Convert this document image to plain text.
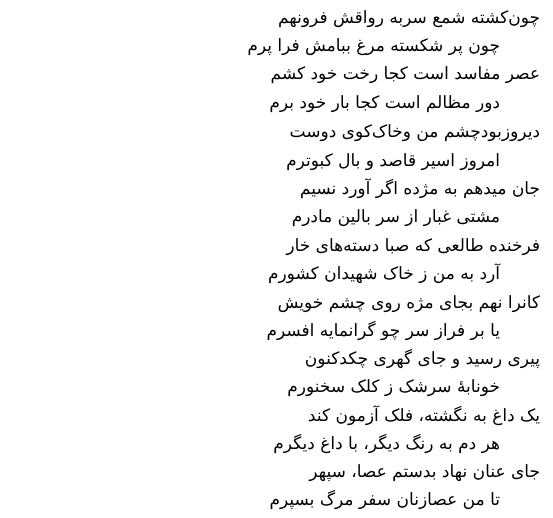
چون‌کشته شمع سربه رواقش فرونهم
چون پر شکسته مرغ ببامش فرا پرم
عصر مفاسد است کجا رخت خود کشم
دور مظالم است کجا بار خود برم
دیروزبودچشم من وخاک‌کوی دوست
امروز اسیر قاصد و بال کبوترم
جان میدهم به مژده اگر آورد نسیم
مشتی غبار از سر بالین مادرم
فرخنده طالعی که صبا دسته‌های خار
آرد به من ز خاک شهیدان کشورم
کانرا نهم بجای مژه روی چشم خویش
یا بر فراز سر چو گرانمایه افسرم
پیری رسید و جای گهری چکدکنون
خونابهٔ سرشک ز کلک سخنورم
یک داغ به نگشته، فلک آزمون کند
هر دم به رنگ دیگر، با داغ دیگرم
جای عنان نهاد بدستم عصا، سپهر
تا من عصازنان سفر مرگ بسپرم
